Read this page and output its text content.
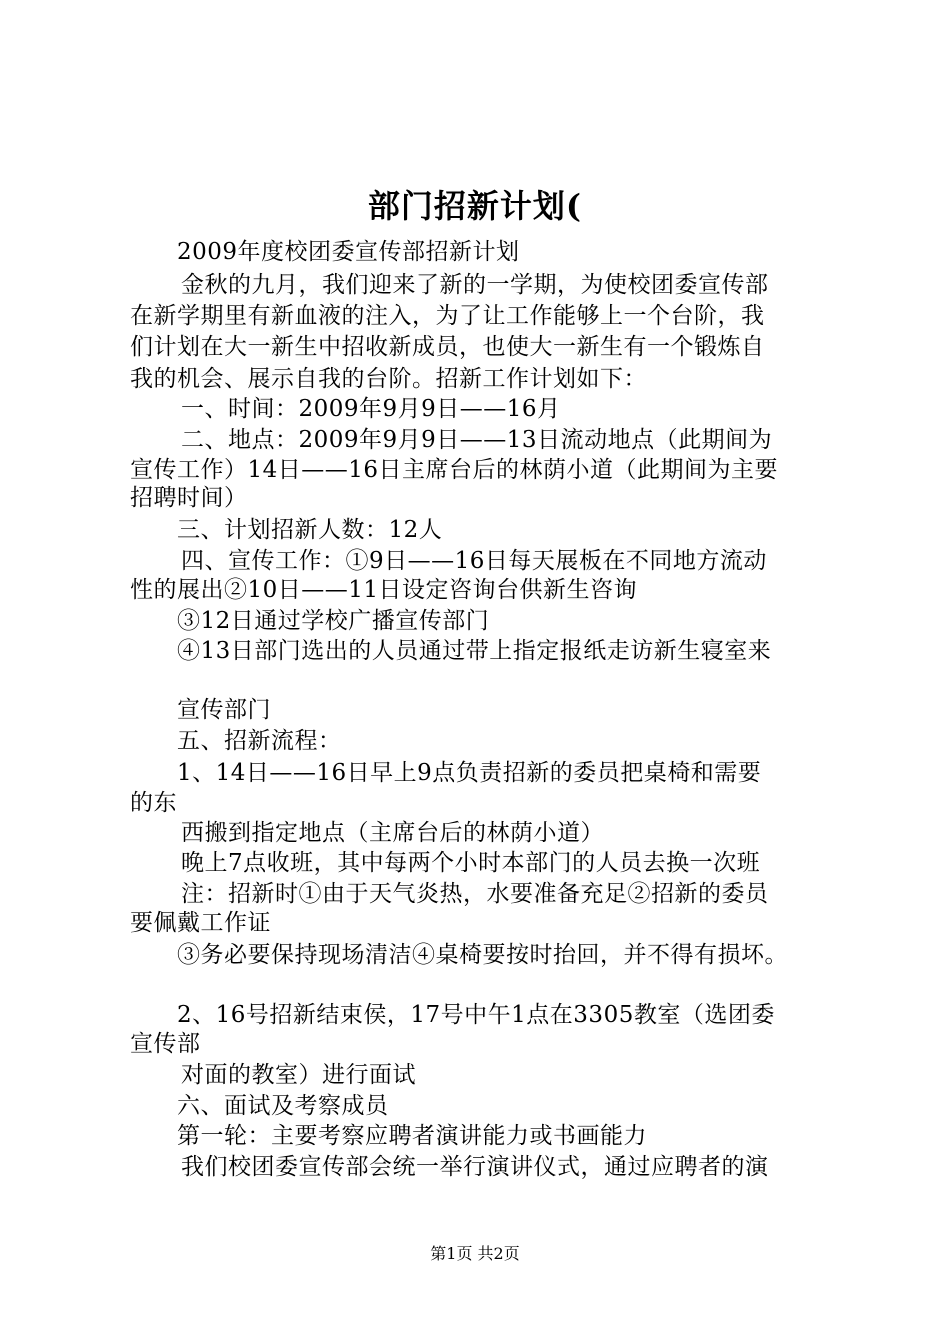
部门招新计划(
2009年度校团委宣传部招新计划
金秋的九月，我们迎来了新的一学期，为使校团委宣传部
在新学期里有新血液的注入，为了让工作能够上一个台阶，我
们计划在大一新生中招收新成员，也使大一新生有一个锻炼自
我的机会、展示自我的台阶。招新工作计划如下：
一、时间：2009年9月9日——16月
二、地点：2009年9月9日——13日流动地点（此期间为
宣传工作）14日——16日主席台后的林荫小道（此期间为主要
招聘时间）
三、计划招新人数：12人
四、宣传工作：①9日——16日每天展板在不同地方流动
性的展出②10日——11日设定咨询台供新生咨询
③12日通过学校广播宣传部门
④13日部门选出的人员通过带上指定报纸走访新生寝室来
宣传部门
五、招新流程：
1、14日——16日早上9点负责招新的委员把桌椅和需要
的东
西搬到指定地点（主席台后的林荫小道）
晚上7点收班，其中每两个小时本部门的人员去换一次班
注：招新时①由于天气炎热，水要准备充足②招新的委员
要佩戴工作证
③务必要保持现场清洁④桌椅要按时抬回，并不得有损坏。
2、16号招新结束侯，17号中午1点在3305教室（选团委
宣传部
对面的教室）进行面试
六、面试及考察成员
第一轮：主要考察应聘者演讲能力或书画能力
我们校团委宣传部会统一举行演讲仪式，通过应聘者的演
第1页 共2页
